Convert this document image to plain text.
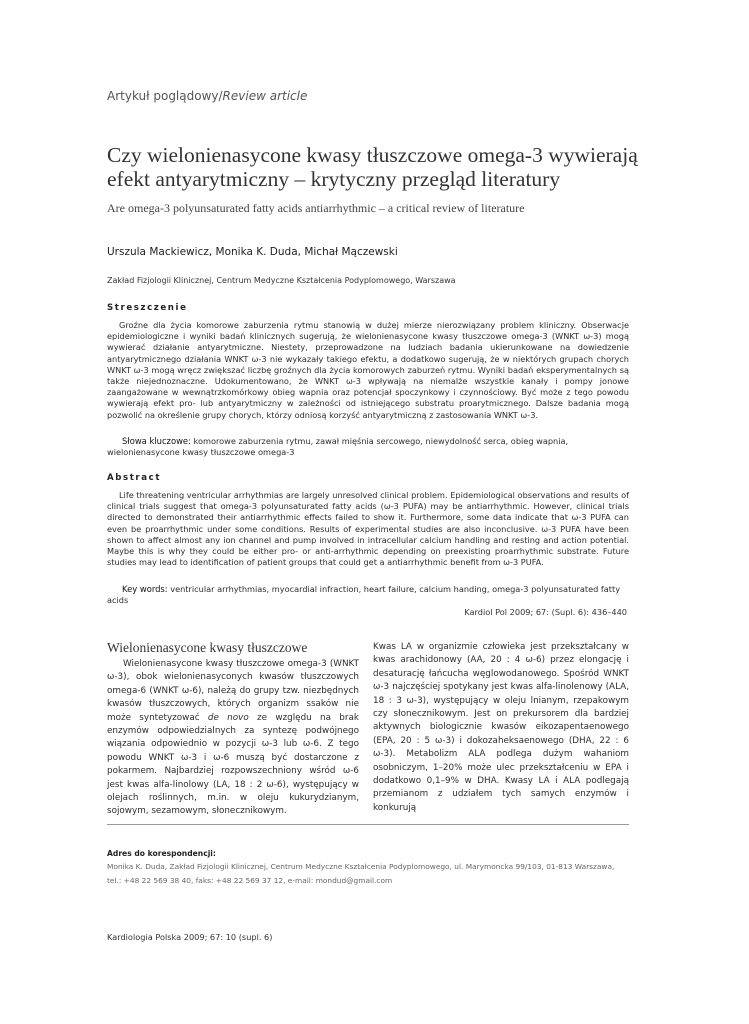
Artykuł poglądowy/Review article
Czy wielonienasycone kwasy tłuszczowe omega-3 wywierają efekt antyarytmiczny – krytyczny przegląd literatury
Are omega-3 polyunsaturated fatty acids antiarrhythmic – a critical review of literature
Urszula Mackiewicz, Monika K. Duda, Michał Mączewski
Zakład Fizjologii Klinicznej, Centrum Medyczne Kształcenia Podyplomowego, Warszawa
Streszczenie
Groźne dla życia komorowe zaburzenia rytmu stanowią w dużej mierze nierozwiązany problem kliniczny. Obserwacje epidemiologiczne i wyniki badań klinicznych sugerują, że wielonienasycone kwasy tłuszczowe omega-3 (WNKT ω-3) mogą wywierać działanie antyarytmiczne. Niestety, przeprowadzone na ludziach badania ukierunkowane na dowiedzenie antyarytmicznego działania WNKT ω-3 nie wykazały takiego efektu, a dodatkowo sugerują, że w niektórych grupach chorych WNKT ω-3 mogą wręcz zwiększać liczbę groźnych dla życia komorowych zaburzeń rytmu. Wyniki badań eksperymentalnych są także niejednoznaczne. Udokumentowano, że WNKT ω-3 wpływają na niemalże wszystkie kanały i pompy jonowe zaangażowane w wewnątrzkomórkowy obieg wapnia oraz potencjał spoczynkowy i czynnościowy. Być może z tego powodu wywierają efekt pro- lub antyarytmiczny w zależności od istniejącego substratu proarytmicznego. Dalsze badania mogą pozwolić na określenie grupy chorych, którzy odniosą korzyść antyarytmiczną z zastosowania WNKT ω-3.
Słowa kluczowe: komorowe zaburzenia rytmu, zawał mięśnia sercowego, niewydolność serca, obieg wapnia, wielonienasycone kwasy tłuszczowe omega-3
Abstract
Life threatening ventricular arrhythmias are largely unresolved clinical problem. Epidemiological observations and results of clinical trials suggest that omega-3 polyunsaturated fatty acids (ω-3 PUFA) may be antiarrhythmic. However, clinical trials directed to demonstrated their antiarrhythmic effects failed to show it. Furthermore, some data indicate that ω-3 PUFA can even be proarrhythmic under some conditions. Results of experimental studies are also inconclusive. ω-3 PUFA have been shown to affect almost any ion channel and pump involved in intracellular calcium handling and resting and action potential. Maybe this is why they could be either pro- or anti-arrhythmic depending on preexisting proarrhythmic substrate. Future studies may lead to identification of patient groups that could get a antiarrhythmic benefit from ω-3 PUFA.
Key words: ventricular arrhythmias, myocardial infraction, heart failure, calcium handing, omega-3 polyunsaturated fatty acids
Kardiol Pol 2009; 67: (Supl. 6): 436–440
Wielonienasycone kwasy tłuszczowe
Wielonienasycone kwasy tłuszczowe omega-3 (WNKT ω-3), obok wielonienasyconych kwasów tłuszczowych omega-6 (WNKT ω-6), należą do grupy tzw. niezbędnych kwasów tłuszczowych, których organizm ssaków nie może syntetyzować de novo ze względu na brak enzymów odpowiedzialnych za syntezę podwójnego wiązania odpowiednio w pozycji ω-3 lub ω-6. Z tego powodu WNKT ω-3 i ω-6 muszą być dostarczone z pokarmem. Najbardziej rozpowszechniony wśród ω-6 jest kwas alfa-linolowy (LA, 18 : 2 ω-6), występujący w olejach roślinnych, m.in. w oleju kukurydzianym, sojowym, sezamowym, słonecznikowym.
Kwas LA w organizmie człowieka jest przekształcany w kwas arachidonowy (AA, 20 : 4 ω-6) przez elongację i desaturację łańcucha węglowodanowego. Spośród WNKT ω-3 najczęściej spotykany jest kwas alfa-linolenowy (ALA, 18 : 3 ω-3), występujący w oleju lnianym, rzepakowym czy słonecznikowym. Jest on prekursorem dla bardziej aktywnych biologicznie kwasów eikozapentaenowego (EPA, 20 : 5 ω-3) i dokozaheksaenowego (DHA, 22 : 6 ω-3). Metabolizm ALA podlega dużym wahaniom osobniczym, 1–20% może ulec przekształceniu w EPA i dodatkowo 0,1–9% w DHA. Kwasy LA i ALA podlegają przemianom z udziałem tych samych enzymów i konkurują
Adres do korespondencji:
Monika K. Duda, Zakład Fizjologii Klinicznej, Centrum Medyczne Kształcenia Podyplomowego, ul. Marymoncka 99/103, 01-813 Warszawa,
tel.: +48 22 569 38 40, faks: +48 22 569 37 12, e-mail: mondud@gmail.com
Kardiologia Polska 2009; 67: 10 (supl. 6)
